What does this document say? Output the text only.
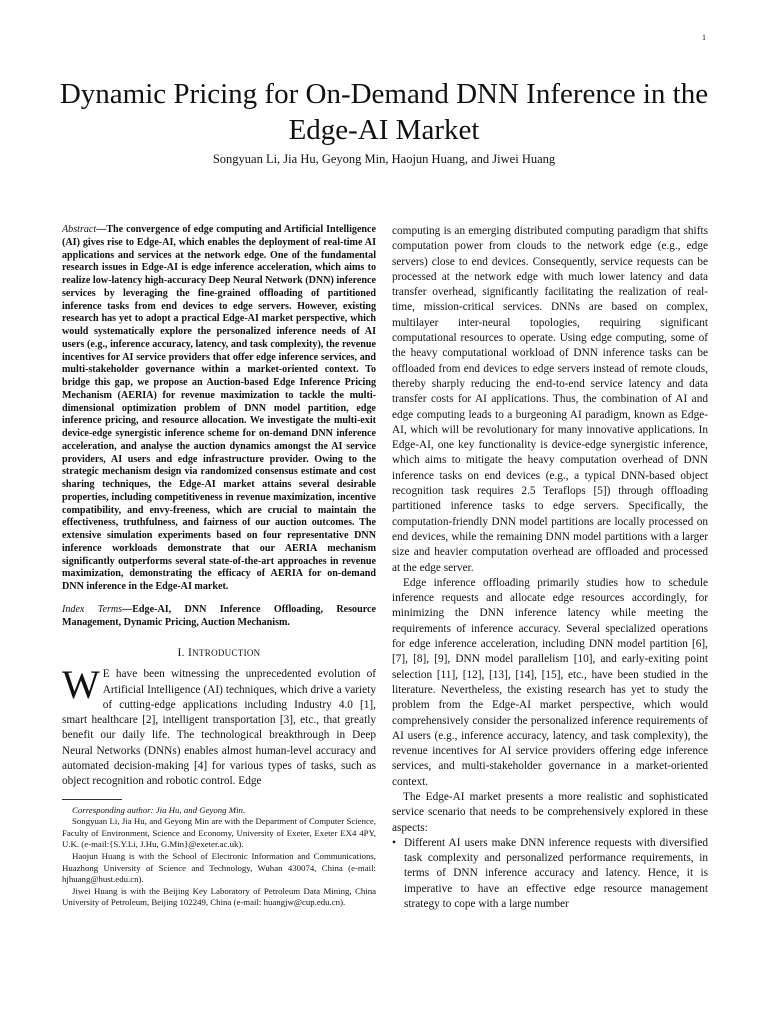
1
Dynamic Pricing for On-Demand DNN Inference in the Edge-AI Market
Songyuan Li, Jia Hu, Geyong Min, Haojun Huang, and Jiwei Huang

Abstract—The convergence of edge computing and Artificial Intelligence (AI) gives rise to Edge-AI, which enables the deployment of real-time AI applications and services at the network edge. One of the fundamental research issues in Edge-AI is edge inference acceleration, which aims to realize low-latency high-accuracy Deep Neural Network (DNN) inference services by leveraging the fine-grained offloading of partitioned inference tasks from end devices to edge servers. However, existing research has yet to adopt a practical Edge-AI market perspective, which would systematically explore the personalized inference needs of AI users (e.g., inference accuracy, latency, and task complexity), the revenue incentives for AI service providers that offer edge inference services, and multi-stakeholder governance within a market-oriented context. To bridge this gap, we propose an Auction-based Edge Inference Pricing Mechanism (AERIA) for revenue maximization to tackle the multi-dimensional optimization problem of DNN model partition, edge inference pricing, and resource allocation. We investigate the multi-exit device-edge synergistic inference scheme for on-demand DNN inference acceleration, and analyse the auction dynamics amongst the AI service providers, AI users and edge infrastructure provider. Owing to the strategic mechanism design via randomized consensus estimate and cost sharing techniques, the Edge-AI market attains several desirable properties, including competitiveness in revenue maximization, incentive compatibility, and envy-freeness, which are crucial to maintain the effectiveness, truthfulness, and fairness of our auction outcomes. The extensive simulation experiments based on four representative DNN inference workloads demonstrate that our AERIA mechanism significantly outperforms several state-of-the-art approaches in revenue maximization, demonstrating the efficacy of AERIA for on-demand DNN inference in the Edge-AI market.

Index Terms—Edge-AI, DNN Inference Offloading, Resource Management, Dynamic Pricing, Auction Mechanism.

I. INTRODUCTION

W E have been witnessing the unprecedented evolution of Artificial Intelligence (AI) techniques, which drive a variety of cutting-edge applications including Industry 4.0 [1], smart healthcare [2], intelligent transportation [3], etc., that greatly benefit our daily life. The technological breakthrough in Deep Neural Networks (DNNs) enables almost human-level accuracy and automated decision-making [4] for various types of tasks, such as object recognition and robotic control. Edge

Corresponding author: Jia Hu, and Geyong Min.

Songyuan Li, Jia Hu, and Geyong Min are with the Department of Computer Science, Faculty of Environment, Science and Economy, University of Exeter, Exeter EX4 4PY, U.K. (e-mail:{S.Y.Li, J.Hu, G.Min}@exeter.ac.uk).

Haojun Huang is with the School of Electronic Information and Communications, Huazhong University of Science and Technology, Wuhan 430074, China (e-mail: hjhuang@hust.edu.cn).

Jiwei Huang is with the Beijing Key Laboratory of Petroleum Data Mining, China University of Petroleum, Beijing 102249, China (e-mail: huangjw@cup.edu.cn).

computing is an emerging distributed computing paradigm that shifts computation power from clouds to the network edge (e.g., edge servers) close to end devices. Consequently, service requests can be processed at the network edge with much lower latency and data transfer overhead, significantly facilitating the realization of real-time, mission-critical services. DNNs are based on complex, multilayer inter-neural topologies, requiring significant computational resources to operate. Using edge computing, some of the heavy computational workload of DNN inference tasks can be offloaded from end devices to edge servers instead of remote clouds, thereby sharply reducing the end-to-end service latency and data transfer costs for AI applications. Thus, the combination of AI and edge computing leads to a burgeoning AI paradigm, known as Edge-AI, which will be revolutionary for many innovative applications. In Edge-AI, one key functionality is device-edge synergistic inference, which aims to mitigate the heavy computation overhead of DNN inference tasks on end devices (e.g., a typical DNN-based object recognition task requires 2.5 Teraflops [5]) through offloading partitioned inference tasks to edge servers. Specifically, the computation-friendly DNN model partitions are locally processed on end devices, while the remaining DNN model partitions with a larger size and heavier computation overhead are offloaded and processed at the edge server.

Edge inference offloading primarily studies how to schedule inference requests and allocate edge resources accordingly, for minimizing the DNN inference latency while meeting the requirements of inference accuracy. Several specialized operations for edge inference acceleration, including DNN model partition [6], [7], [8], [9], DNN model parallelism [10], and early-exiting point selection [11], [12], [13], [14], [15], etc., have been studied in the literature. Nevertheless, the existing research has yet to study the problem from the Edge-AI market perspective, which would comprehensively consider the personalized inference requirements of AI users (e.g., inference accuracy, latency, and task complexity), the revenue incentives for AI service providers offering edge inference services, and multi-stakeholder governance in a market-oriented context.

The Edge-AI market presents a more realistic and sophisticated service scenario that needs to be comprehensively explored in these aspects:

• Different AI users make DNN inference requests with diversified task complexity and personalized performance requirements, in terms of DNN inference accuracy and latency. Hence, it is imperative to have an effective edge resource management strategy to cope with a large number
